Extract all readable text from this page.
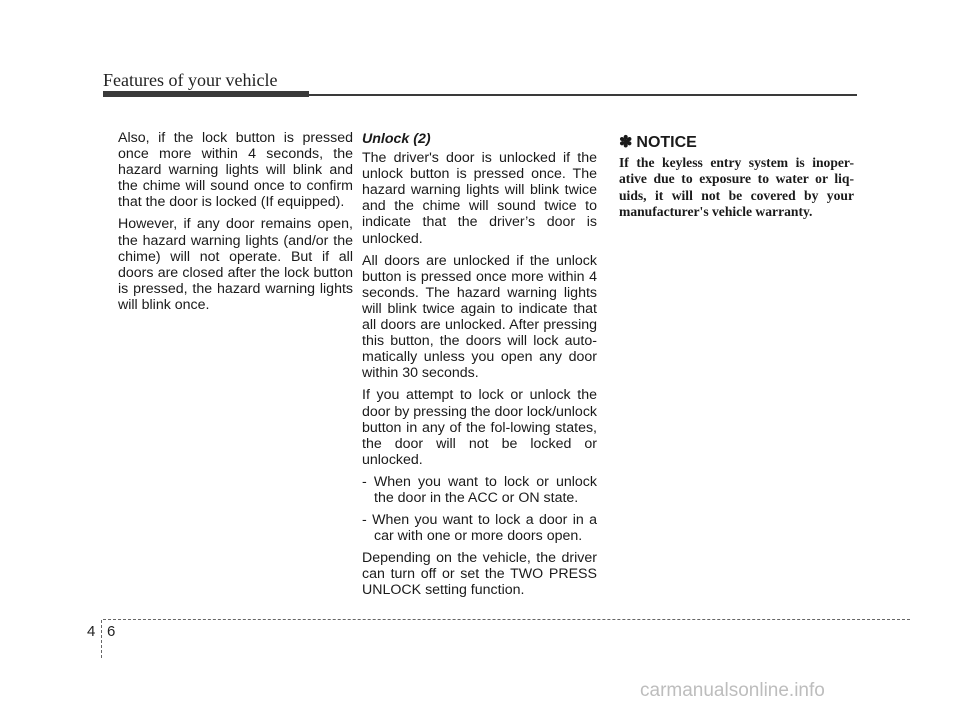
Features of your vehicle

Also, if the lock button is pressed once more within 4 seconds, the hazard warning lights will blink and the chime will sound once to confirm that the door is locked (If equipped).

However, if any door remains open, the hazard warning lights (and/or the chime) will not operate. But if all doors are closed after the lock button is pressed, the hazard warning lights will blink once.

Unlock (2)

The driver's door is unlocked if the unlock button is pressed once. The hazard warning lights will blink twice and the chime will sound twice to indicate that the driver’s door is unlocked.

All doors are unlocked if the unlock button is pressed once more within 4 seconds. The hazard warning lights will blink twice again to indicate that all doors are unlocked. After pressing this button, the doors will lock auto-matically unless you open any door within 30 seconds.

If you attempt to lock or unlock the door by pressing the door lock/unlock button in any of the fol-lowing states, the door will not be locked or unlocked.

- When you want to lock or unlock the door in the ACC or ON state.

- When you want to lock a door in a car with one or more doors open.

Depending on the vehicle, the driver can turn off or set the TWO PRESS UNLOCK setting function.

✽ NOTICE

If the keyless entry system is inoper-ative due to exposure to water or liq-uids, it will not be covered by your manufacturer's vehicle warranty.

4 6
carmanualsonline.info
